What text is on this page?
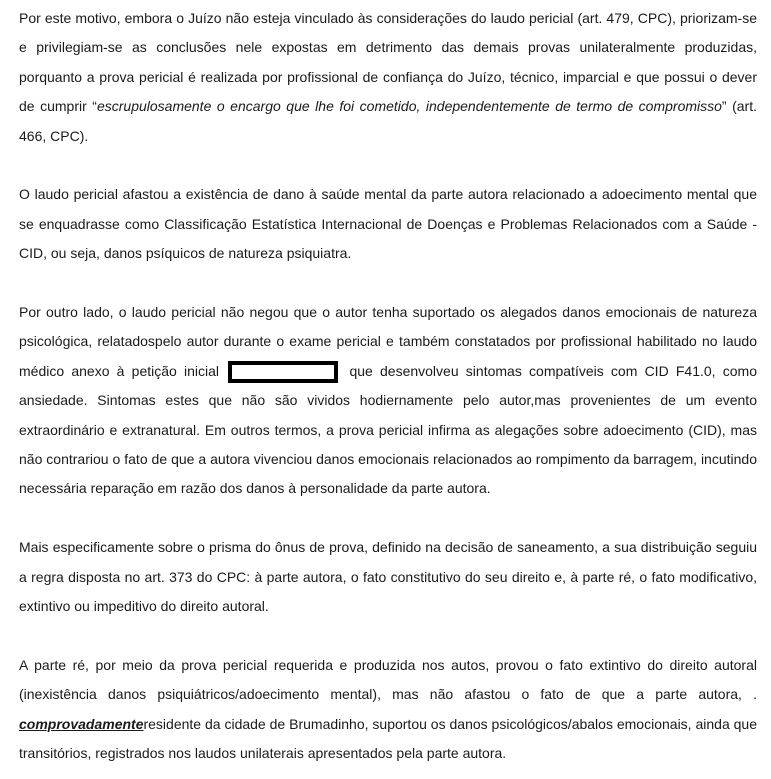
Por este motivo, embora o Juízo não esteja vinculado às considerações do laudo pericial (art. 479, CPC), priorizam-se e privilegiam-se as conclusões nele expostas em detrimento das demais provas unilateralmente produzidas, porquanto a prova pericial é realizada por profissional de confiança do Juízo, técnico, imparcial e que possui o dever de cumprir “escrupulosamente o encargo que lhe foi cometido, independentemente de termo de compromisso” (art. 466, CPC).

O laudo pericial afastou a existência de dano à saúde mental da parte autora relacionado a adoecimento mental que se enquadrasse como Classificação Estatística Internacional de Doenças e Problemas Relacionados com a Saúde - CID, ou seja, danos psíquicos de natureza psiquiatra.

Por outro lado, o laudo pericial não negou que o autor tenha suportado os alegados danos emocionais de natureza psicológica, relatadospelo autor durante o exame pericial e também constatados por profissional habilitado no laudo médico anexo à petição inicial	que desenvolveu sintomas compatíveis com CID F41.0, como ansiedade. Sintomas estes que não são vividos hodiernamente pelo autor,mas provenientes de um evento extraordinário e extranatural. Em outros termos, a prova pericial infirma as alegações sobre adoecimento (CID), mas não contrariou o fato de que a autora vivenciou danos emocionais relacionados ao rompimento da barragem, incutindo necessária reparação em razão dos danos à personalidade da parte autora.

Mais especificamente sobre o prisma do ônus de prova, definido na decisão de saneamento, a sua distribuição seguiu a regra disposta no art. 373 do CPC: à parte autora, o fato constitutivo do seu direito e, à parte ré, o fato modificativo, extintivo ou impeditivo do direito autoral.

A parte ré, por meio da prova pericial requerida e produzida nos autos, provou o fato extintivo do direito autoral (inexistência danos psiquiátricos/adoecimento mental), mas não afastou o fato de que a parte autora, . comprovadamenteresidente da cidade de Brumadinho, suportou os danos psicológicos/abalos emocionais, ainda que transitórios, registrados nos laudos unilaterais apresentados pela parte autora.
